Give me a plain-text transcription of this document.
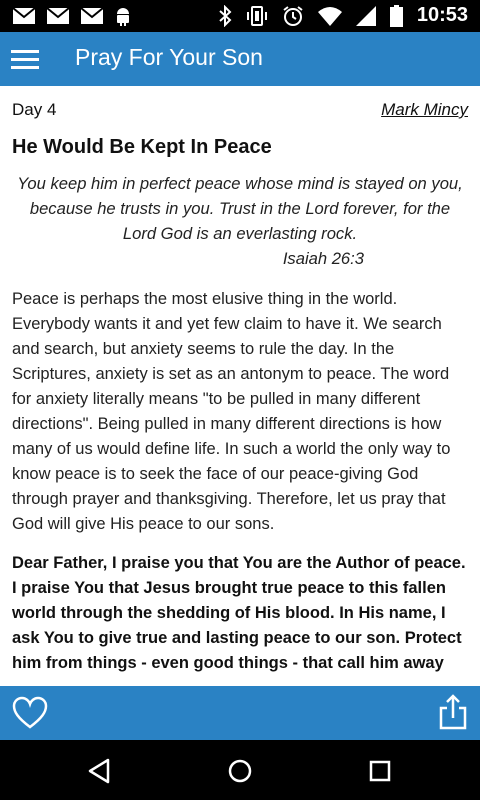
10:53
Pray For Your Son
Day 4	Mark Mincy
He Would Be Kept In Peace
You keep him in perfect peace whose mind is stayed on you, because he trusts in you. Trust in the Lord forever, for the Lord God is an everlasting rock.
Isaiah 26:3
Peace is perhaps the most elusive thing in the world. Everybody wants it and yet few claim to have it. We search and search, but anxiety seems to rule the day. In the Scriptures, anxiety is set as an antonym to peace. The word for anxiety literally means "to be pulled in many different directions". Being pulled in many different directions is how many of us would define life. In such a world the only way to know peace is to seek the face of our peace-giving God through prayer and thanksgiving. Therefore, let us pray that God will give His peace to our sons.
Dear Father, I praise you that You are the Author of peace. I praise You that Jesus brought true peace to this fallen world through the shedding of His blood. In His name, I ask You to give true and lasting peace to our son. Protect him from things - even good things - that call him away
